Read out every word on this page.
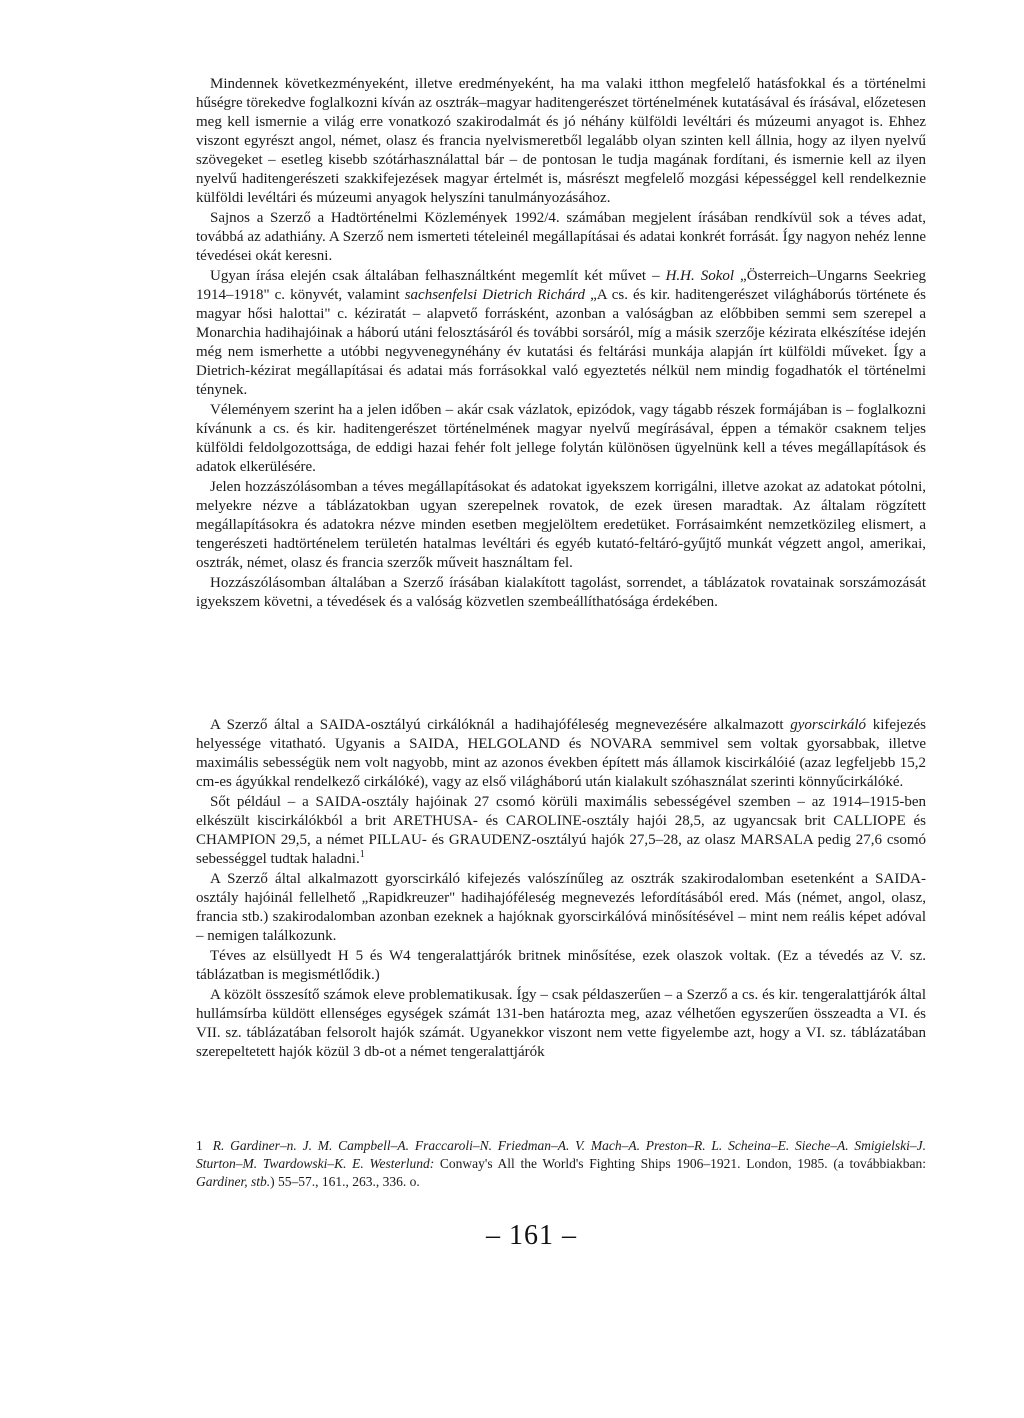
Mindennek következményeként, illetve eredményeként, ha ma valaki itthon megfelelő hatásfokkal és a történelmi hűségre törekedve foglalkozni kíván az osztrák–magyar haditengerészet történelmének kutatásával és írásával, előzetesen meg kell ismernie a világ erre vonatkozó szakirodalmát és jó néhány külföldi levéltári és múzeumi anyagot is. Ehhez viszont egyrészt angol, német, olasz és francia nyelvismeretből legalább olyan szinten kell állnia, hogy az ilyen nyelvű szövegeket – esetleg kisebb szótárhasználattal bár – de pontosan le tudja magának fordítani, és ismernie kell az ilyen nyelvű haditengerészeti szakkifejezések magyar értelmét is, másrészt megfelelő mozgási képességgel kell rendelkeznie külföldi levéltári és múzeumi anyagok helyszíni tanulmányozásához.

Sajnos a Szerző a Hadtörténelmi Közlemények 1992/4. számában megjelent írásában rendkívül sok a téves adat, továbbá az adathiány. A Szerző nem ismerteti tételeinél megállapításai és adatai konkrét forrását. Így nagyon nehéz lenne tévedései okát keresni.

Ugyan írása elején csak általában felhasználtként megemlít két művet – H.H. Sokol „Österreich–Ungarns Seekrieg 1914–1918" c. könyvét, valamint sachsenfelsi Dietrich Richárd „A cs. és kir. haditengerészet világháborús története és magyar hősi halottai" c. kéziratát – alapvető forrásként, azonban a valóságban az előbbiben semmi sem szerepel a Monarchia hadihajóinak a háború utáni felosztásáról és további sorsáról, míg a másik szerzője kézirata elkészítése idején még nem ismerhette a utóbbi negyvenegynéhány év kutatási és feltárási munkája alapján írt külföldi műveket. Így a Dietrich-kézirat megállapításai és adatai más forrásokkal való egyeztetés nélkül nem mindig fogadhatók el történelmi ténynek.

Véleményem szerint ha a jelen időben – akár csak vázlatok, epizódok, vagy tágabb részek formájában is – foglalkozni kívánunk a cs. és kir. haditengerészet történelmének magyar nyelvű megírásával, éppen a témakör csaknem teljes külföldi feldolgozottsága, de eddigi hazai fehér folt jellege folytán különösen ügyelnünk kell a téves megállapítások és adatok elkerülésére.

Jelen hozzászólásomban a téves megállapításokat és adatokat igyekszem korrigálni, illetve azokat az adatokat pótolni, melyekre nézve a táblázatokban ugyan szerepelnek rovatok, de ezek üresen maradtak. Az általam rögzített megállapításokra és adatokra nézve minden esetben megjelöltem eredetüket. Forrásaimként nemzetközileg elismert, a tengerészeti hadtörténelem területén hatalmas levéltári és egyéb kutató-feltáró-gyűjtő munkát végzett angol, amerikai, osztrák, német, olasz és francia szerzők műveit használtam fel.

Hozzászólásomban általában a Szerző írásában kialakított tagolást, sorrendet, a táblázatok rovatainak sorszámozását igyekszem követni, a tévedések és a valóság közvetlen szembeállíthatósága érdekében.

A Szerző által a SAIDA-osztályú cirkálóknál a hadihajóféleség megnevezésére alkalmazott gyorscirkáló kifejezés helyessége vitatható. Ugyanis a SAIDA, HELGOLAND és NOVARA semmivel sem voltak gyorsabbak, illetve maximális sebességük nem volt nagyobb, mint az azonos években épített más államok kiscirkálóié (azaz legfeljebb 15,2 cm-es ágyúkkal rendelkező cirkálóké), vagy az első világháború után kialakult szóhasználat szerinti könnyűcirkálóké.

Sőt például – a SAIDA-osztály hajóinak 27 csomó körüli maximális sebességével szemben – az 1914–1915-ben elkészült kiscirkálókból a brit ARETHUSA- és CAROLINE-osztály hajói 28,5, az ugyancsak brit CALLIOPE és CHAMPION 29,5, a német PILLAU- és GRAUDENZ-osztályú hajók 27,5–28, az olasz MARSALA pedig 27,6 csomó sebességgel tudtak haladni.$^1$

A Szerző által alkalmazott gyorscirkáló kifejezés valószínűleg az osztrák szakirodalomban esetenként a SAIDA-osztály hajóinál fellelhető „Rapidkreuzer" hadihajóféleség megnevezés lefordításából ered. Más (német, angol, olasz, francia stb.) szakirodalomban azonban ezeknek a hajóknak gyorscirkálóvá minősítésével – mint nem reális képet adóval – nemigen találkozunk.

Téves az elsüllyedt H 5 és W4 tengeralattjárók britnek minősítése, ezek olaszok voltak. (Ez a tévedés az V. sz. táblázatban is megismétlődik.)

A közölt összesítő számok eleve problematikusak. Így – csak példaszerűen – a Szerző a cs. és kir. tengeralattjárók által hullámsírba küldött ellenséges egységek számát 131-ben határozta meg, azaz vélhetően egyszerűen összeadta a VI. és VII. sz. táblázatában felsorolt hajók számát. Ugyanekkor viszont nem vette figyelembe azt, hogy a VI. sz. táblázatában szerepeltetett hajók közül 3 db-ot a német tengeralattjárók

1 R. Gardiner–n. J. M. Campbell–A. Fraccaroli–N. Friedman–A. V. Mach–A. Preston–R. L. Scheina–E. Sieche–A. Smigielski–J. Sturton–M. Twardowski–K. E. Westerlund: Conway's All the World's Fighting Ships 1906–1921. London, 1985. (a továbbiakban: Gardiner, stb.) 55–57., 161., 263., 336. o.
– 161 –
